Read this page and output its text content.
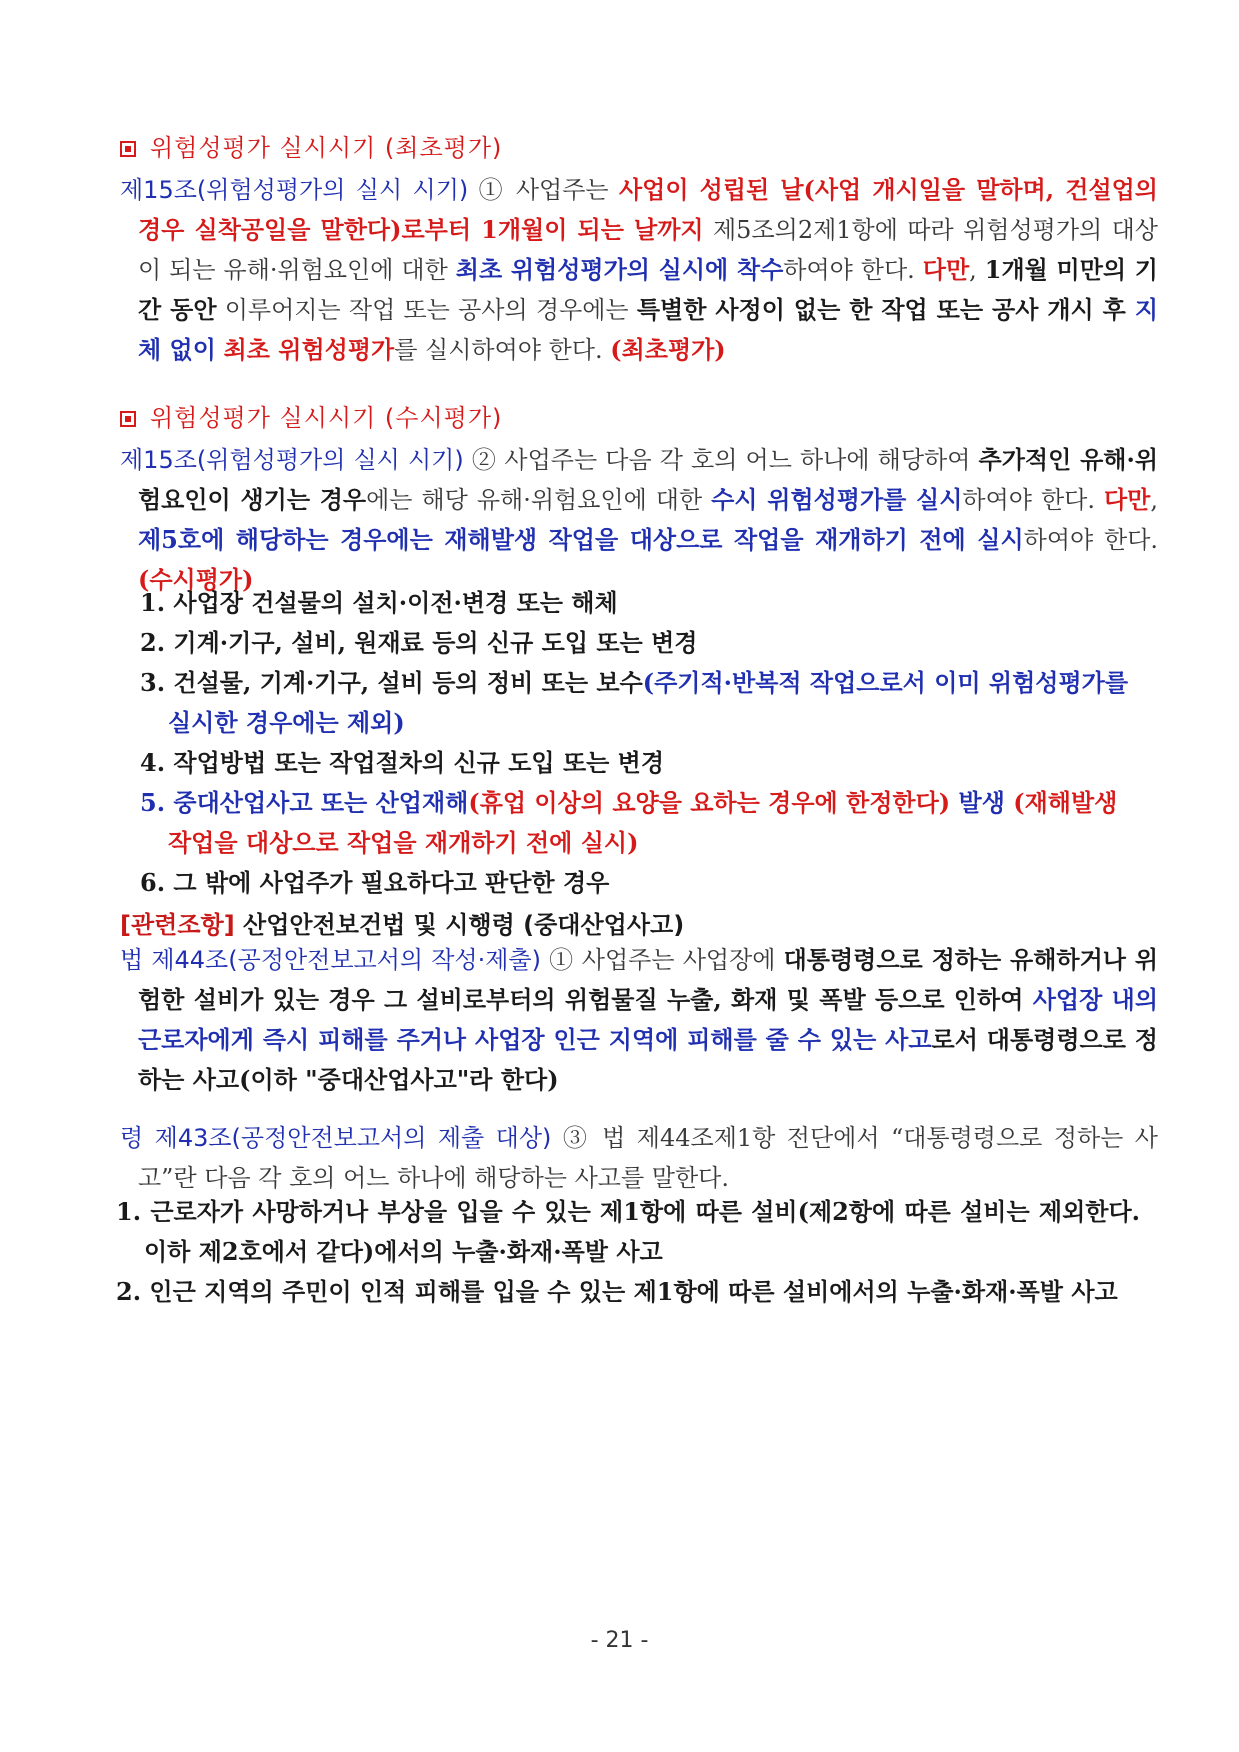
위험성평가 실시시기 (최초평가)
제15조(위험성평가의 실시 시기) ① 사업주는 사업이 성립된 날(사업 개시일을 말하며, 건설업의 경우 실착공일을 말한다)로부터 1개월이 되는 날까지 제5조의2제1항에 따라 위험성평가의 대상이 되는 유해·위험요인에 대한 최초 위험성평가의 실시에 착수하여야 한다. 다만, 1개월 미만의 기간 동안 이루어지는 작업 또는 공사의 경우에는 특별한 사정이 없는 한 작업 또는 공사 개시 후 지체 없이 최초 위험성평가를 실시하여야 한다. (최초평가)
위험성평가 실시시기 (수시평가)
제15조(위험성평가의 실시 시기) ② 사업주는 다음 각 호의 어느 하나에 해당하여 추가적인 유해·위험요인이 생기는 경우에는 해당 유해·위험요인에 대한 수시 위험성평가를 실시하여야 한다. 다만, 제5호에 해당하는 경우에는 재해발생 작업을 대상으로 작업을 재개하기 전에 실시하여야 한다. (수시평가)
1. 사업장 건설물의 설치·이전·변경 또는 해체
2. 기계·기구, 설비, 원재료 등의 신규 도입 또는 변경
3. 건설물, 기계·기구, 설비 등의 정비 또는 보수(주기적·반복적 작업으로서 이미 위험성평가를 실시한 경우에는 제외)
4. 작업방법 또는 작업절차의 신규 도입 또는 변경
5. 중대산업사고 또는 산업재해(휴업 이상의 요양을 요하는 경우에 한정한다) 발생 (재해발생 작업을 대상으로 작업을 재개하기 전에 실시)
6. 그 밖에 사업주가 필요하다고 판단한 경우
[관련조항] 산업안전보건법 및 시행령 (중대산업사고)
법 제44조(공정안전보고서의 작성·제출) ① 사업주는 사업장에 대통령령으로 정하는 유해하거나 위험한 설비가 있는 경우 그 설비로부터의 위험물질 누출, 화재 및 폭발 등으로 인하여 사업장 내의 근로자에게 즉시 피해를 주거나 사업장 인근 지역에 피해를 줄 수 있는 사고로서 대통령령으로 정하는 사고(이하 "중대산업사고"라 한다)
령 제43조(공정안전보고서의 제출 대상) ③ 법 제44조제1항 전단에서 “대통령령으로 정하는 사고”란 다음 각 호의 어느 하나에 해당하는 사고를 말한다.
1. 근로자가 사망하거나 부상을 입을 수 있는 제1항에 따른 설비(제2항에 따른 설비는 제외한다. 이하 제2호에서 같다)에서의 누출·화재·폭발 사고
2. 인근 지역의 주민이 인적 피해를 입을 수 있는 제1항에 따른 설비에서의 누출·화재·폭발 사고
- 21 -
